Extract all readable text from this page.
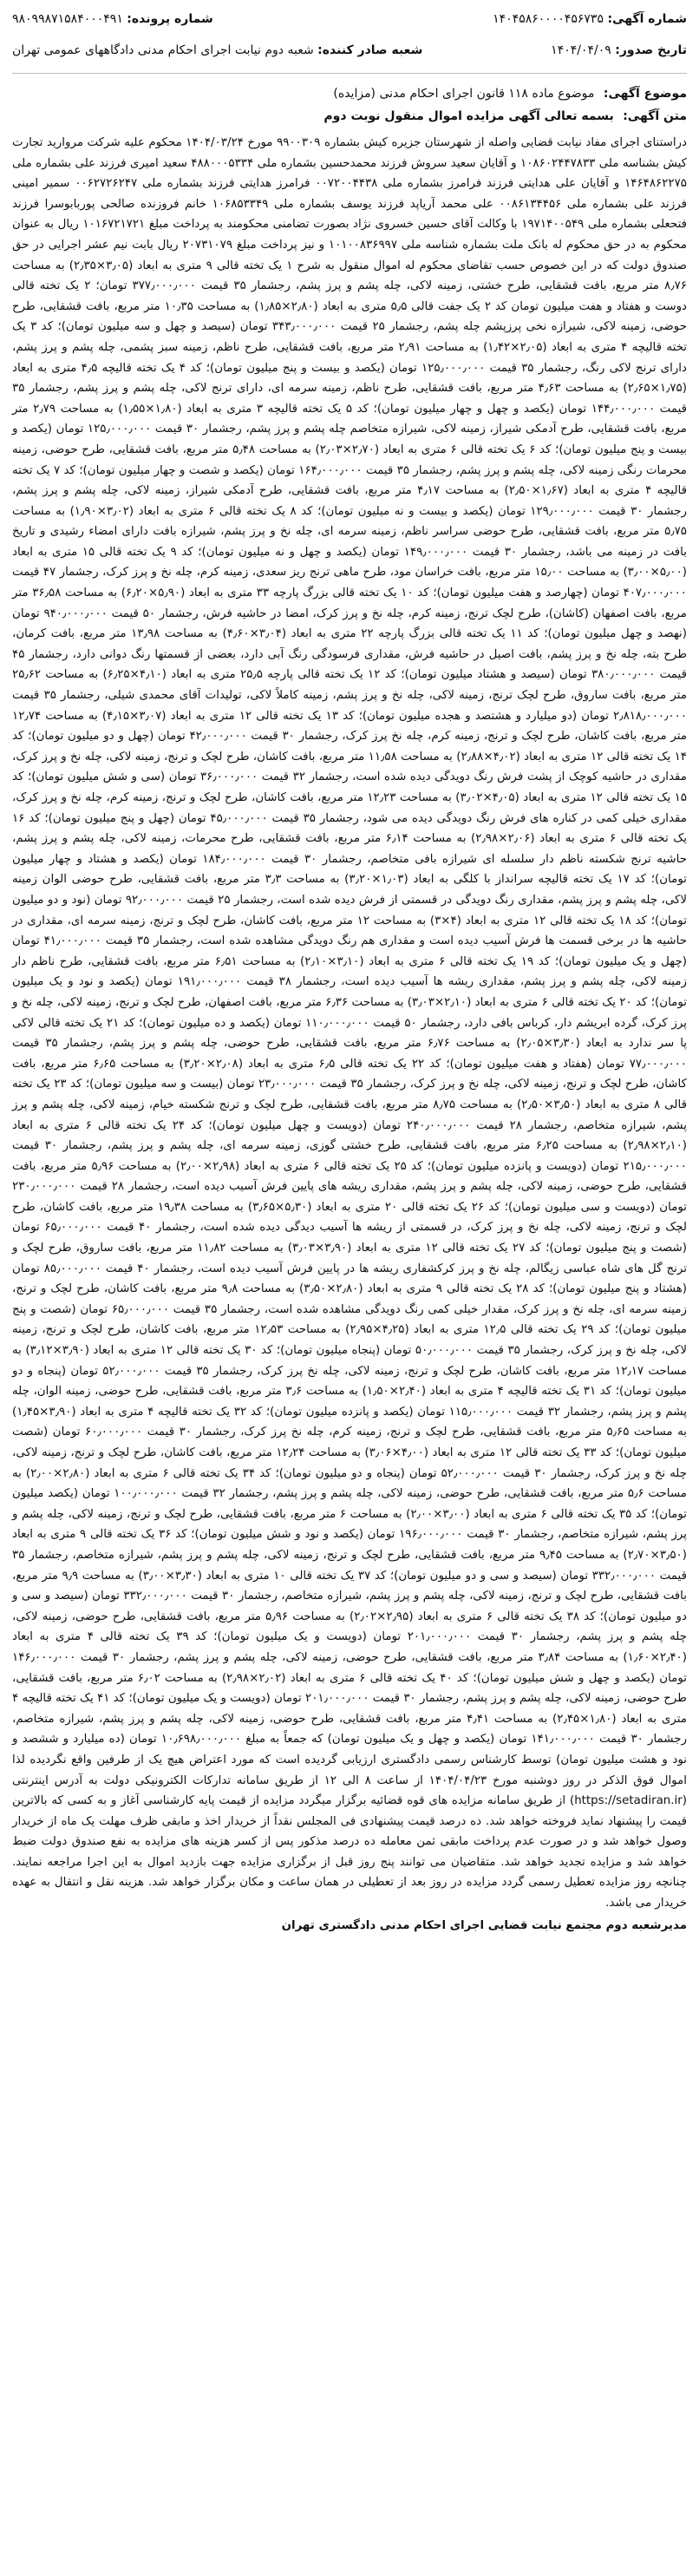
شماره آگهی: ۱۴۰۴۵۸۶۰۰۰۰۴۵۶۷۳۵
شماره پرونده: ۹۸۰۹۹۸۷۱۵۸۴۰۰۰۴۹۱
تاریخ صدور: ۱۴۰۴/۰۴/۰۹
شعبه صادر کننده: شعبه دوم نیابت اجرای احکام مدنی دادگاههای عمومی تهران
موضوع آگهی: موضوع ماده ۱۱۸ قانون اجرای احکام مدنی (مزایده)
متن آگهی: بسمه تعالی آگهی مزایده اموال منقول نوبت دوم
دراستنای اجرای مفاد نیابت قضایی واصله از شهرستان جزیره کیش بشماره ۹۹۰۰۳۰۹ مورخ ۱۴۰۴/۰۳/۲۴ محکوم علیه شرکت مروارید تجارت کیش بشناسه ملی ۱۰۸۶۰۲۴۴۷۸۳۳ و آقایان سعید سروش فرزند محمدحسین بشماره ملی ۴۸۸۰۰۰۵۳۳۴ سعید امیری فرزند علی بشماره ملی ۱۴۶۴۸۶۲۲۷۵ و آقایان علی هدایتی فرزند فرامرز بشماره ملی ۰۰۷۲۰۰۴۴۳۸ فرامرز هدایتی فرزند بشماره ملی ۰۰۶۲۷۲۶۲۴۷ سمیر امینی فرزند علی بشماره ملی ۰۰۸۶۱۳۴۴۵۶ علی محمد آریاپد فرزند یوسف بشماره ملی ۱۰۶۸۵۳۳۴۹ خانم فروزنده صالحی پوربابوسرا فرزند فتحعلی بشماره ملی ۱۹۷۱۴۰۰۵۴۹ با وکالت آقای حسین خسروی نژاد بصورت تضامنی محکومند به پرداخت مبلغ ۱۰۱۶۷۲۱۷۲۱ ریال به عنوان محکوم به در حق محکوم له بانک ملت بشماره شناسه ملی ۱۰۱۰۰۸۳۶۹۹۷ و نیز پرداخت مبلغ ۲۰۷۳۱۰۷۹ ریال بابت نیم عشر اجرایی در حق صندوق دولت که در این خصوص حسب تقاضای محکوم له اموال منقول به شرح ۱ یک تخته قالی ۹ متری به ابعاد (۳٫۰۵×۲٫۳۵) به مساحت ۸٫۷۶ متر مربع، بافت قشقایی، طرح خشتی، زمینه لاکی، چله پشم و پرز پشم، رجشمار ۳۵ قیمت ۳۷۷٫۰۰۰٫۰۰۰ تومان؛ ۲ یک تخته قالی دوست و هفتاد و هفت میلیون تومان کد ۲ یک جفت قالی ۵٫۵ متری به ابعاد (۲٫۸۰×۱٫۸۵) به مساحت ۱۰٫۳۵ متر مربع، بافت قشقایی، طرح حوضی، زمینه لاکی، شیرازه نخی پرزپشم چله پشم، رجشمار ۲۵ قیمت ۳۴۳٫۰۰۰٫۰۰۰ تومان (سیصد و چهل و سه میلیون تومان)؛ کد ۳ یک تخته قالیچه ۴ متری به ابعاد (۲٫۰۵×۱٫۴۲) به مساحت ۲٫۹۱ متر مربع، بافت قشقایی، طرح ناظم، زمینه سبز پشمی، چله پشم و پرز پشم، دارای ترنج لاکی رنگ، رجشمار ۳۵ قیمت ۱۲۵٫۰۰۰٫۰۰۰ تومان (یکصد و بیست و پنج میلیون تومان)؛ کد ۴ یک تخته قالیچه ۴٫۵ متری به ابعاد (۱٫۷۵×۲٫۶۵) به مساحت ۴٫۶۳ متر مربع، بافت قشقایی، طرح ناظم، زمینه سرمه ای، دارای ترنج لاکی، چله پشم و پرز پشم، رجشمار ۳۵ قیمت ۱۴۴٫۰۰۰٫۰۰۰ تومان (یکصد و چهل و چهار میلیون تومان)؛ کد ۵ یک تخته قالیچه ۳ متری به ابعاد (۱٫۸۰×۱٫۵۵) به مساحت ۲٫۷۹ متر مربع، بافت قشقایی، طرح آدمکی شیراز، زمینه لاکی، شیرازه متخاصم چله پشم و پرز پشم، رجشمار ۳۰ قیمت ۱۲۵٫۰۰۰٫۰۰۰ تومان (یکصد و بیست و پنج میلیون تومان)؛ کد ۶ یک تخته قالی ۶ متری به ابعاد (۲٫۷۰×۲٫۰۳) به مساحت ۵٫۴۸ متر مربع، بافت قشقایی، طرح حوضی، زمینه محرمات رنگی زمینه لاکی، چله پشم و پرز پشم، رجشمار ۳۵ قیمت ۱۶۴٫۰۰۰٫۰۰۰ تومان (یکصد و شصت و چهار میلیون تومان)؛ کد ۷ یک تخته قالیچه ۴ متری به ابعاد (۱٫۶۷×۲٫۵۰) به مساحت ۴٫۱۷ متر مربع، بافت قشقایی، طرح آدمکی شیراز، زمینه لاکی، چله پشم و پرز پشم، رجشمار ۳۰ قیمت ۱۲۹٫۰۰۰٫۰۰۰ تومان (یکصد و بیست و نه میلیون تومان)؛ کد ۸ یک تخته قالی ۶ متری به ابعاد (۳٫۰۲×۱٫۹۰) به مساحت ۵٫۷۵ متر مربع، بافت قشقایی، طرح حوضی سراسر ناظم، زمینه سرمه ای، چله نخ و پرز پشم، شیرازه بافت دارای امضاء رشیدی و تاریخ بافت در زمینه می باشد، رجشمار ۳۰ قیمت ۱۴۹٫۰۰۰٫۰۰۰ تومان (یکصد و چهل و نه میلیون تومان)؛ کد ۹ یک تخته قالی ۱۵ متری به ابعاد (۵٫۰۰×۳٫۰۰) به مساحت ۱۵٫۰۰ متر مربع، بافت خراسان مود، طرح ماهی ترنج ریز سعدی، زمینه کرم، چله نخ و پرز کرک، رجشمار ۴۷ قیمت ۴۰۷٫۰۰۰٫۰۰۰ تومان (چهارصد و هفت میلیون تومان)؛ کد ۱۰ یک تخته قالی بزرگ پارچه ۳۳ متری به ابعاد (۵٫۹۰×۶٫۲۰) به مساحت ۳۶٫۵۸ متر مربع، بافت اصفهان (کاشان)، طرح لچک ترنج، زمینه کرم، چله نخ و پرز کرک، امضا در حاشیه فرش، رجشمار ۵۰ قیمت ۹۴۰٫۰۰۰٫۰۰۰ تومان (نهصد و چهل میلیون تومان)؛ کد ۱۱ یک تخته قالی بزرگ پارچه ۲۲ متری به ابعاد (۳٫۰۴×۴٫۶۰) به مساحت ۱۳٫۹۸ متر مربع، بافت کرمان، طرح بته، چله نخ و پرز پشم، بافت اصیل در حاشیه فرش، مقداری فرسودگی رنگ آبی دارد، بعضی از قسمتها رنگ دوانی دارد، رجشمار ۴۵ قیمت ۳۸۰٫۰۰۰٫۰۰۰ تومان (سیصد و هشتاد میلیون تومان)؛ کد ۱۲ یک تخته قالی پارچه ۲۵٫۵ متری به ابعاد (۴٫۱۰×۶٫۲۵) به مساحت ۲۵٫۶۲ متر مربع، بافت ساروق، طرح لچک ترنج، زمینه لاکی، چله نخ و پرز پشم، زمینه کاملاً لاکی، تولیدات آقای محمدی شیلی، رجشمار ۳۵ قیمت ۲٫۸۱۸٫۰۰۰٫۰۰۰ تومان (دو میلیارد و هشتصد و هجده میلیون تومان)؛ کد ۱۳ یک تخته قالی ۱۲ متری به ابعاد (۳٫۰۷×۴٫۱۵) به مساحت ۱۲٫۷۴ متر مربع، بافت کاشان، طرح لچک و ترنج، زمینه کرم، چله نخ پرز کرک، رجشمار ۳۰ قیمت ۴۲٫۰۰۰٫۰۰۰ تومان (چهل و دو میلیون تومان)؛ کد ۱۴ یک تخته قالی ۱۲ متری به ابعاد (۴٫۰۲×۲٫۸۸) به مساحت ۱۱٫۵۸ متر مربع، بافت کاشان، طرح لچک و ترنج، زمینه لاکی، چله نخ و پرز کرک، مقداری در حاشیه کوچک از پشت فرش رنگ دویدگی دیده شده است، رجشمار ۳۲ قیمت ۳۶٫۰۰۰٫۰۰۰ تومان (سی و شش میلیون تومان)؛ کد ۱۵ یک تخته قالی ۱۲ متری به ابعاد (۴٫۰۵×۳٫۰۲) به مساحت ۱۲٫۲۳ متر مربع، بافت کاشان، طرح لچک و ترنج، زمینه کرم، چله نخ و پرز کرک، مقداری خیلی کمی در کناره های فرش رنگ دویدگی دیده می شود، رجشمار ۳۵ قیمت ۴۵٫۰۰۰٫۰۰۰ تومان (چهل و پنج میلیون تومان)؛ کد ۱۶ یک تخته قالی ۶ متری به ابعاد (۲٫۰۶×۲٫۹۸) به مساحت ۶٫۱۴ متر مربع، بافت قشقایی، طرح محرمات، زمینه لاکی، چله پشم و پرز پشم، حاشیه ترنج شکسته ناظم دار سلسله ای شیرازه بافی متخاصم، رجشمار ۳۰ قیمت ۱۸۴٫۰۰۰٫۰۰۰ تومان (یکصد و هشتاد و چهار میلیون تومان)؛ کد ۱۷ یک تخته قالیچه سرانداز با کلگی به ابعاد (۱٫۰۳×۳٫۲۰) به مساحت ۳٫۳ متر مربع، بافت قشقایی، طرح حوضی الوان زمینه لاکی، چله پشم و پرز پشم، مقداری رنگ دویدگی در قسمتی از فرش دیده شده است، رجشمار ۲۵ قیمت ۹۲٫۰۰۰٫۰۰۰ تومان (نود و دو میلیون تومان)؛ کد ۱۸ یک تخته قالی ۱۲ متری به ابعاد (۴×۳) به مساحت ۱۲ متر مربع، بافت کاشان، طرح لچک و ترنج، زمینه سرمه ای، مقداری در حاشیه ها در برخی قسمت ها فرش آسیب دیده است و مقداری هم رنگ دویدگی مشاهده شده است، رجشمار ۳۵ قیمت ۴۱٫۰۰۰٫۰۰۰ تومان (چهل و یک میلیون تومان)؛ کد ۱۹ یک تخته قالی ۶ متری به ابعاد (۳٫۱۰×۲٫۱۰) به مساحت ۶٫۵۱ متر مربع، بافت قشقایی، طرح ناظم دار زمینه لاکی، چله پشم و پرز پشم، مقداری ریشه ها آسیب دیده است، رجشمار ۳۸ قیمت ۱۹۱٫۰۰۰٫۰۰۰ تومان (یکصد و نود و یک میلیون تومان)؛ کد ۲۰ یک تخته قالی ۶ متری به ابعاد (۲٫۱۰×۳٫۰۳) به مساحت ۶٫۳۶ متر مربع، بافت اصفهان، طرح لچک و ترنج، زمینه لاکی، چله نخ و پرز کرک، گرده ابریشم دار، کرباس بافی دارد، رجشمار ۵۰ قیمت ۱۱۰٫۰۰۰٫۰۰۰ تومان (یکصد و ده میلیون تومان)؛ کد ۲۱ یک تخته قالی لاکی پا سر ندارد به ابعاد (۳٫۳۰×۲٫۰۵) به مساحت ۶٫۷۶ متر مربع، بافت قشقایی، طرح حوضی، چله پشم و پرز پشم، رجشمار ۳۵ قیمت ۷۷٫۰۰۰٫۰۰۰ تومان (هفتاد و هفت میلیون تومان)؛ کد ۲۲ یک تخته قالی ۶٫۵ متری به ابعاد (۲٫۰۸×۳٫۲۰) به مساحت ۶٫۶۵ متر مربع، بافت کاشان، طرح لچک و ترنج، زمینه لاکی، چله نخ و پرز کرک، رجشمار ۳۵ قیمت ۲۳٫۰۰۰٫۰۰۰ تومان (بیست و سه میلیون تومان)؛ کد ۲۳ یک تخته قالی ۸ متری به ابعاد (۳٫۵۰×۲٫۵۰) به مساحت ۸٫۷۵ متر مربع، بافت قشقایی، طرح لچک و ترنج شکسته خیام، زمینه لاکی، چله پشم و پرز پشم، شیرازه متخاصم، رجشمار ۲۸ قیمت ۲۴۰٫۰۰۰٫۰۰۰ تومان (دویست و چهل میلیون تومان)؛ کد ۲۴ یک تخته قالی ۶ متری به ابعاد (۲٫۱۰×۲٫۹۸) به مساحت ۶٫۲۵ متر مربع، بافت قشقایی، طرح خشتی گوزی، زمینه سرمه ای، چله پشم و پرز پشم، رجشمار ۳۰ قیمت ۲۱۵٫۰۰۰٫۰۰۰ تومان (دویست و پانزده میلیون تومان)؛ کد ۲۵ یک تخته قالی ۶ متری به ابعاد (۲٫۹۸×۲٫۰۰) به مساحت ۵٫۹۶ متر مربع، بافت قشقایی، طرح حوضی، زمینه لاکی، چله پشم و پرز پشم، مقداری ریشه های پایین فرش آسیب دیده است، رجشمار ۲۸ قیمت ۲۳۰٫۰۰۰٫۰۰۰ تومان (دویست و سی میلیون تومان)؛ کد ۲۶ یک تخته قالی ۲۰ متری به ابعاد (۵٫۳۰×۳٫۶۵) به مساحت ۱۹٫۳۸ متر مربع، بافت کاشان، طرح لچک و ترنج، زمینه لاکی، چله نخ و پرز کرک، در قسمتی از ریشه ها آسیب دیدگی دیده شده است، رجشمار ۴۰ قیمت ۶۵٫۰۰۰٫۰۰۰ تومان (شصت و پنج میلیون تومان)؛ کد ۲۷ یک تخته قالی ۱۲ متری به ابعاد (۳٫۹۰×۳٫۰۳) به مساحت ۱۱٫۸۲ متر مربع، بافت ساروق، طرح لچک و ترنج گل های شاه عباسی زیگالم، چله نخ و پرز کرکشفاری ریشه ها در پایین فرش آسیب دیده است، رجشمار ۴۰ قیمت ۸۵٫۰۰۰٫۰۰۰ تومان (هشتاد و پنج میلیون تومان)؛ کد ۲۸ یک تخته قالی ۹ متری به ابعاد (۲٫۸۰×۳٫۵۰) به مساحت ۹٫۸ متر مربع، بافت کاشان، طرح لچک و ترنج، زمینه سرمه ای، چله نخ و پرز کرک، مقدار خیلی کمی رنگ دویدگی مشاهده شده است، رجشمار ۳۵ قیمت ۶۵٫۰۰۰٫۰۰۰ تومان (شصت و پنج میلیون تومان)؛ کد ۲۹ یک تخته قالی ۱۲٫۵ متری به ابعاد (۴٫۲۵×۲٫۹۵) به مساحت ۱۲٫۵۳ متر مربع، بافت کاشان، طرح لچک و ترنج، زمینه لاکی، چله نخ و پرز کرک، رجشمار ۳۵ قیمت ۵۰٫۰۰۰٫۰۰۰ تومان (پنجاه میلیون تومان)؛ کد ۳۰ یک تخته قالی ۱۲ متری به ابعاد (۳٫۹۰×۳٫۱۲) به مساحت ۱۲٫۱۷ متر مربع، بافت کاشان، طرح لچک و ترنج، زمینه لاکی، چله نخ پرز کرک، رجشمار ۳۵ قیمت ۵۲٫۰۰۰٫۰۰۰ تومان (پنجاه و دو میلیون تومان)؛ کد ۳۱ یک تخته قالیچه ۴ متری به ابعاد (۲٫۴۰×۱٫۵۰) به مساحت ۳٫۶ متر مربع، بافت قشقایی، طرح حوضی، زمینه الوان، چله پشم و پرز پشم، رجشمار ۳۲ قیمت ۱۱۵٫۰۰۰٫۰۰۰ تومان (یکصد و پانزده میلیون تومان)؛ کد ۳۲ یک تخته قالیچه ۴ متری به ابعاد (۳٫۹۰×۱٫۴۵) به مساحت ۵٫۶۵ متر مربع، بافت قشقایی، طرح لچک و ترنج، زمینه کرم، چله نخ پرز کرک، رجشمار ۳۰ قیمت ۶۰٫۰۰۰٫۰۰۰ تومان (شصت میلیون تومان)؛ کد ۳۳ یک تخته قالی ۱۲ متری به ابعاد (۴٫۰۰×۳٫۰۶) به مساحت ۱۲٫۲۴ متر مربع، بافت کاشان، طرح لچک و ترنج، زمینه لاکی، چله نخ و پرز کرک، رجشمار ۳۰ قیمت ۵۲٫۰۰۰٫۰۰۰ تومان (پنجاه و دو میلیون تومان)؛ کد ۳۴ یک تخته قالی ۶ متری به ابعاد (۲٫۸۰×۲٫۰۰) به مساحت ۵٫۶ متر مربع، بافت قشقایی، طرح حوضی، زمینه لاکی، چله پشم و پرز پشم، رجشمار ۳۲ قیمت ۱۰۰٫۰۰۰٫۰۰۰ تومان (یکصد میلیون تومان)؛ کد ۳۵ یک تخته قالی ۶ متری به ابعاد (۳٫۰۰×۲٫۰۰) به مساحت ۶ متر مربع، بافت قشقایی، طرح لچک و ترنج، زمینه لاکی، چله پشم و پرز پشم، شیرازه متخاصم، رجشمار ۳۰ قیمت ۱۹۶٫۰۰۰٫۰۰۰ تومان (یکصد و نود و شش میلیون تومان)؛ کد ۳۶ یک تخته قالی ۹ متری به ابعاد (۳٫۵۰×۲٫۷۰) به مساحت ۹٫۴۵ متر مربع، بافت قشقایی، طرح لچک و ترنج، زمینه لاکی، چله پشم و پرز پشم، شیرازه متخاصم، رجشمار ۳۵ قیمت ۳۳۲٫۰۰۰٫۰۰۰ تومان (سیصد و سی و دو میلیون تومان)؛ کد ۳۷ یک تخته قالی ۱۰ متری به ابعاد (۳٫۳۰×۳٫۰۰) به مساحت ۹٫۹ متر مربع، بافت قشقایی، طرح لچک و ترنج، زمینه لاکی، چله پشم و پرز پشم، شیرازه متخاصم، رجشمار ۳۰ قیمت ۳۳۲٫۰۰۰٫۰۰۰ تومان (سیصد و سی و دو میلیون تومان)؛ کد ۳۸ یک تخته قالی ۶ متری به ابعاد (۲٫۹۵×۲٫۰۲) به مساحت ۵٫۹۶ متر مربع، بافت قشقایی، طرح حوضی، زمینه لاکی، چله پشم و پرز پشم، رجشمار ۳۰ قیمت ۲۰۱٫۰۰۰٫۰۰۰ تومان (دویست و یک میلیون تومان)؛ کد ۳۹ یک تخته قالی ۴ متری به ابعاد (۲٫۴۰×۱٫۶۰) به مساحت ۳٫۸۴ متر مربع، بافت قشقایی، طرح حوضی، زمینه لاکی، چله پشم و پرز پشم، رجشمار ۳۰ قیمت ۱۴۶٫۰۰۰٫۰۰۰ تومان (یکصد و چهل و شش میلیون تومان)؛ کد ۴۰ یک تخته قالی ۶ متری به ابعاد (۲٫۰۲×۲٫۹۸) به مساحت ۶٫۰۲ متر مربع، بافت قشقایی، طرح حوضی، زمینه لاکی، چله پشم و پرز پشم، رجشمار ۳۰ قیمت ۲۰۱٫۰۰۰٫۰۰۰ تومان (دویست و یک میلیون تومان)؛ کد ۴۱ یک تخته قالیچه ۴ متری به ابعاد (۱٫۸۰×۲٫۴۵) به مساحت ۴٫۴۱ متر مربع، بافت قشقایی، طرح حوضی، زمینه لاکی، چله پشم و پرز پشم، شیرازه متخاصم، رجشمار ۳۰ قیمت ۱۴۱٫۰۰۰٫۰۰۰ تومان (یکصد و چهل و یک میلیون تومان) که جمعاً به مبلغ ۱۰٫۶۹۸٫۰۰۰٫۰۰۰ تومان (ده میلیارد و ششصد و نود و هشت میلیون تومان) توسط کارشناس رسمی دادگستری ارزیابی گردیده است که مورد اعتراض هیچ یک از طرفین واقع نگردیده لذا اموال فوق الذکر در روز دوشنبه مورخ ۱۴۰۴/۰۴/۲۳ از ساعت ۸ الی ۱۲ از طریق سامانه تدارکات الکترونیکی دولت به آدرس اینترنتی (https://setadiran.ir) از طریق سامانه مزایده های قوه قضائیه برگزار میگردد مزایده از قیمت پایه کارشناسی آغاز و به کسی که بالاترین قیمت را پیشنهاد نماید فروخته خواهد شد. ده درصد قیمت پیشنهادی فی المجلس نقداً از خریدار اخذ و مابقی ظرف مهلت یک ماه از خریدار وصول خواهد شد و در صورت عدم پرداخت مابقی ثمن معامله ده درصد مذکور پس از کسر هزینه های مزایده به نفع صندوق دولت ضبط خواهد شد و مزایده تجدید خواهد شد. متقاضیان می توانند پنج روز قبل از برگزاری مزایده جهت بازدید اموال به این اجرا مراجعه نمایند. چنانچه روز مزایده تعطیل رسمی گردد مزایده در روز بعد از تعطیلی در همان ساعت و مکان برگزار خواهد شد. هزینه نقل و انتقال به عهده خریدار می باشد.
مدیرشعبه دوم مجتمع نیابت قضایی اجرای احکام مدنی دادگستری تهران
